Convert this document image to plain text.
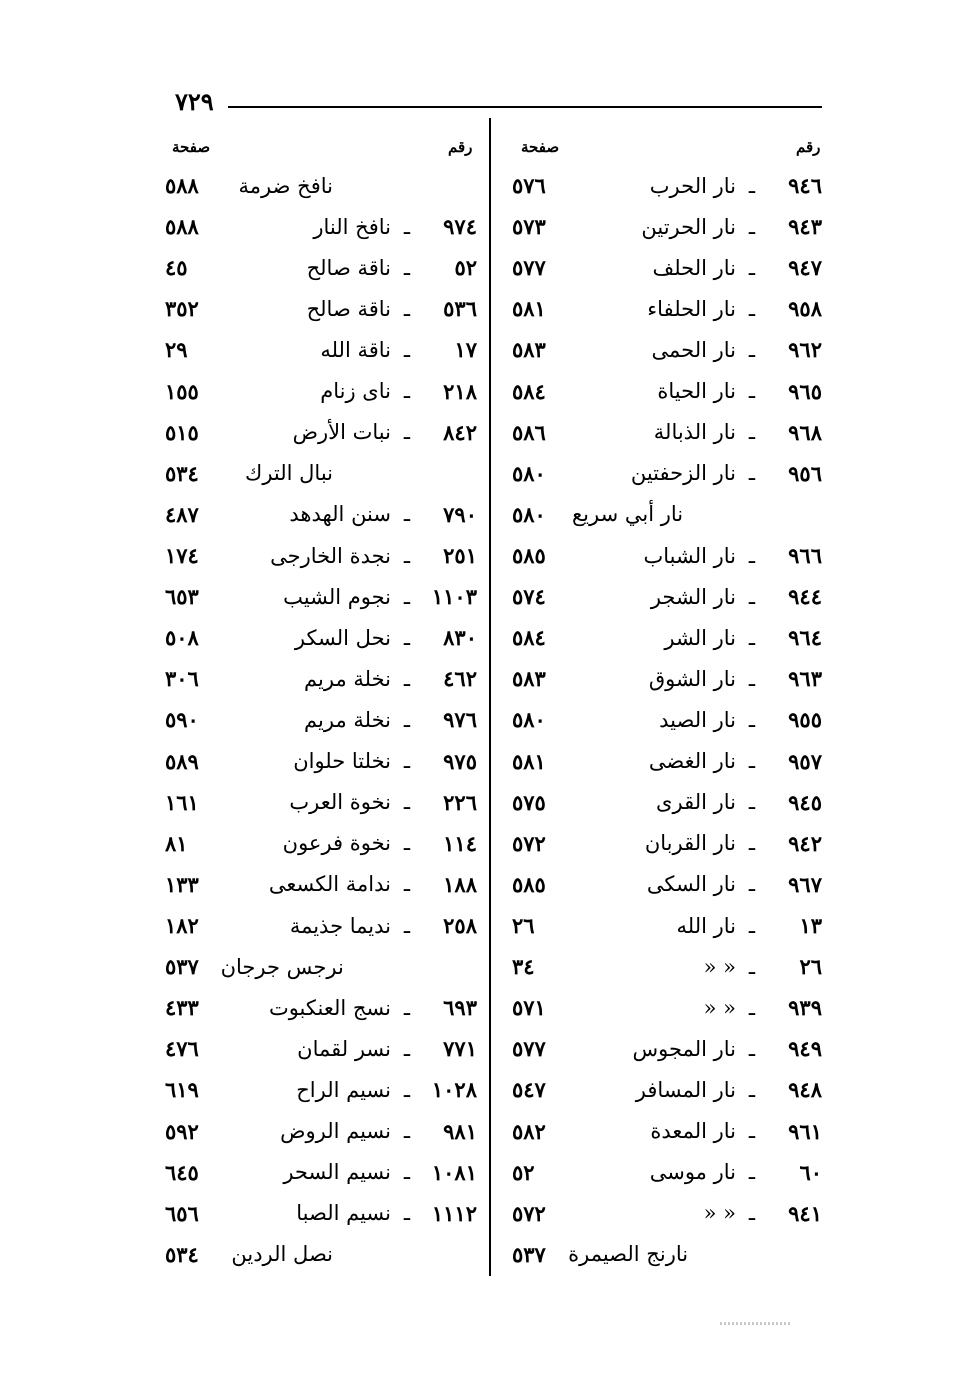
٧٢٩
رقم
صفحة
رقم
صفحة
٩٤٦
ـ
نار الحرب
٥٧٦
٩٤٣
ـ
نار الحرتين
٥٧٣
٩٤٧
ـ
نار الحلف
٥٧٧
٩٥٨
ـ
نار الحلفاء
٥٨١
٩٦٢
ـ
نار الحمى
٥٨٣
٩٦٥
ـ
نار الحياة
٥٨٤
٩٦٨
ـ
نار الذبالة
٥٨٦
٩٥٦
ـ
نار الزحفتين
٥٨٠
نار أبي سريع
٥٨٠
٩٦٦
ـ
نار الشباب
٥٨٥
٩٤٤
ـ
نار الشجر
٥٧٤
٩٦٤
ـ
نار الشر
٥٨٤
٩٦٣
ـ
نار الشوق
٥٨٣
٩٥٥
ـ
نار الصيد
٥٨٠
٩٥٧
ـ
نار الغضى
٥٨١
٩٤٥
ـ
نار القرى
٥٧٥
٩٤٢
ـ
نار القربان
٥٧٢
٩٦٧
ـ
نار السكى
٥٨٥
١٣
ـ
نار الله
٢٦
٢٦
ـ
« «
٣٤
٩٣٩
ـ
« «
٥٧١
٩٤٩
ـ
نار المجوس
٥٧٧
٩٤٨
ـ
نار المسافر
٥٤٧
٩٦١
ـ
نار المعدة
٥٨٢
٦٠
ـ
نار موسى
٥٢
٩٤١
ـ
« «
٥٧٢
نارنج الصيمرة
٥٣٧
نافخ ضرمة
٥٨٨
٩٧٤
ـ
نافخ النار
٥٨٨
٥٢
ـ
ناقة صالح
٤٥
٥٣٦
ـ
ناقة صالح
٣٥٢
١٧
ـ
ناقة الله
٢٩
٢١٨
ـ
ناى زنام
١٥٥
٨٤٢
ـ
نبات الأرض
٥١٥
نبال الترك
٥٣٤
٧٩٠
ـ
سنن الهدهد
٤٨٧
٢٥١
ـ
نجدة الخارجى
١٧٤
١١٠٣
ـ
نجوم الشيب
٦٥٣
٨٣٠
ـ
نحل السكر
٥٠٨
٤٦٢
ـ
نخلة مريم
٣٠٦
٩٧٦
ـ
نخلة مريم
٥٩٠
٩٧٥
ـ
نخلتا حلوان
٥٨٩
٢٢٦
ـ
نخوة العرب
١٦١
١١٤
ـ
نخوة فرعون
٨١
١٨٨
ـ
ندامة الكسعى
١٣٣
٢٥٨
ـ
نديما جذيمة
١٨٢
نرجس جرجان
٥٣٧
٦٩٣
ـ
نسج العنكبوت
٤٣٣
٧٧١
ـ
نسر لقمان
٤٧٦
١٠٢٨
ـ
نسيم الراح
٦١٩
٩٨١
ـ
نسيم الروض
٥٩٢
١٠٨١
ـ
نسيم السحر
٦٤٥
١١١٢
ـ
نسيم الصبا
٦٥٦
نصل الردين
٥٣٤
